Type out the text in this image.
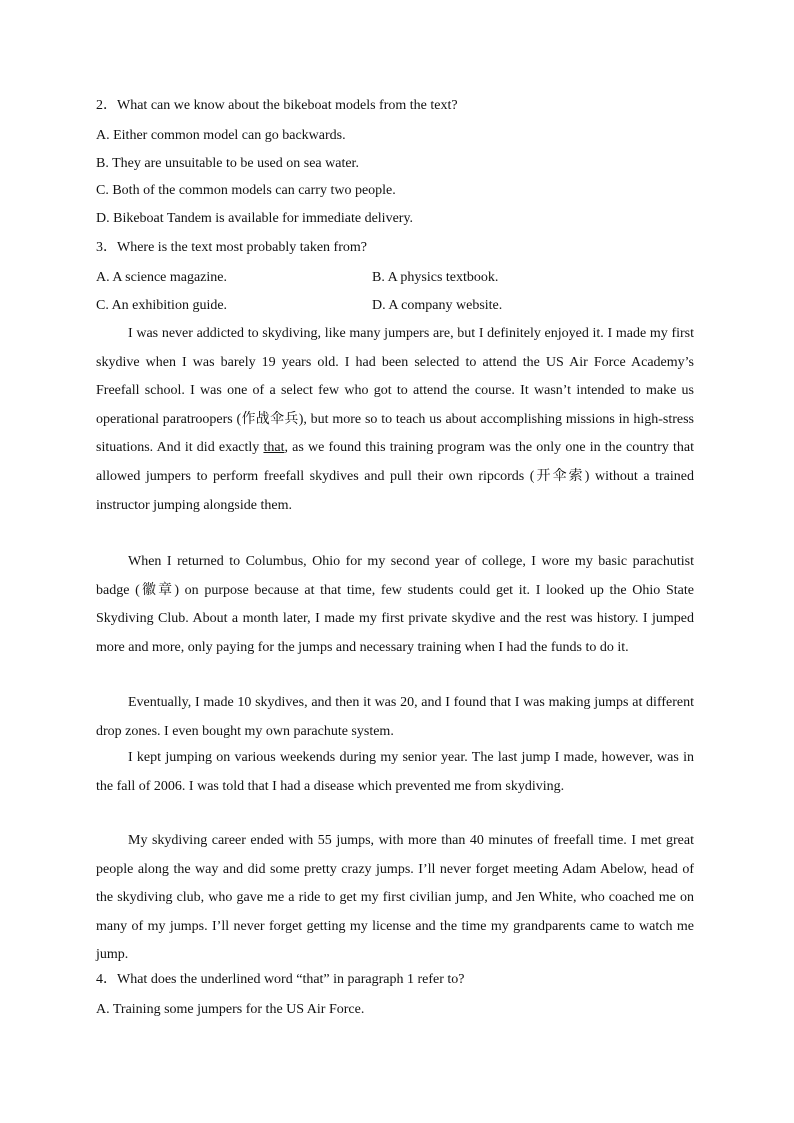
2．What can we know about the bikeboat models from the text?
A. Either common model can go backwards.
B. They are unsuitable to be used on sea water.
C. Both of the common models can carry two people.
D. Bikeboat Tandem is available for immediate delivery.
3．Where is the text most probably taken from?
A. A science magazine.	B. A physics textbook.
C. An exhibition guide.	D. A company website.
I was never addicted to skydiving, like many jumpers are, but I definitely enjoyed it. I made my first skydive when I was barely 19 years old. I had been selected to attend the US Air Force Academy’s Freefall school. I was one of a select few who got to attend the course. It wasn’t intended to make us operational paratroopers (作战伞兵), but more so to teach us about accomplishing missions in high-stress situations. And it did exactly that, as we found this training program was the only one in the country that allowed jumpers to perform freefall skydives and pull their own ripcords (开伞索) without a trained instructor jumping alongside them.
When I returned to Columbus, Ohio for my second year of college, I wore my basic parachutist badge (徽章) on purpose because at that time, few students could get it. I looked up the Ohio State Skydiving Club. About a month later, I made my first private skydive and the rest was history. I jumped more and more, only paying for the jumps and necessary training when I had the funds to do it.
Eventually, I made 10 skydives, and then it was 20, and I found that I was making jumps at different drop zones. I even bought my own parachute system.
I kept jumping on various weekends during my senior year. The last jump I made, however, was in the fall of 2006. I was told that I had a disease which prevented me from skydiving.
My skydiving career ended with 55 jumps, with more than 40 minutes of freefall time. I met great people along the way and did some pretty crazy jumps. I’ll never forget meeting Adam Abelow, head of the skydiving club, who gave me a ride to get my first civilian jump, and Jen White, who coached me on many of my jumps. I’ll never forget getting my license and the time my grandparents came to watch me jump.
4．What does the underlined word “that” in paragraph 1 refer to?
A. Training some jumpers for the US Air Force.
